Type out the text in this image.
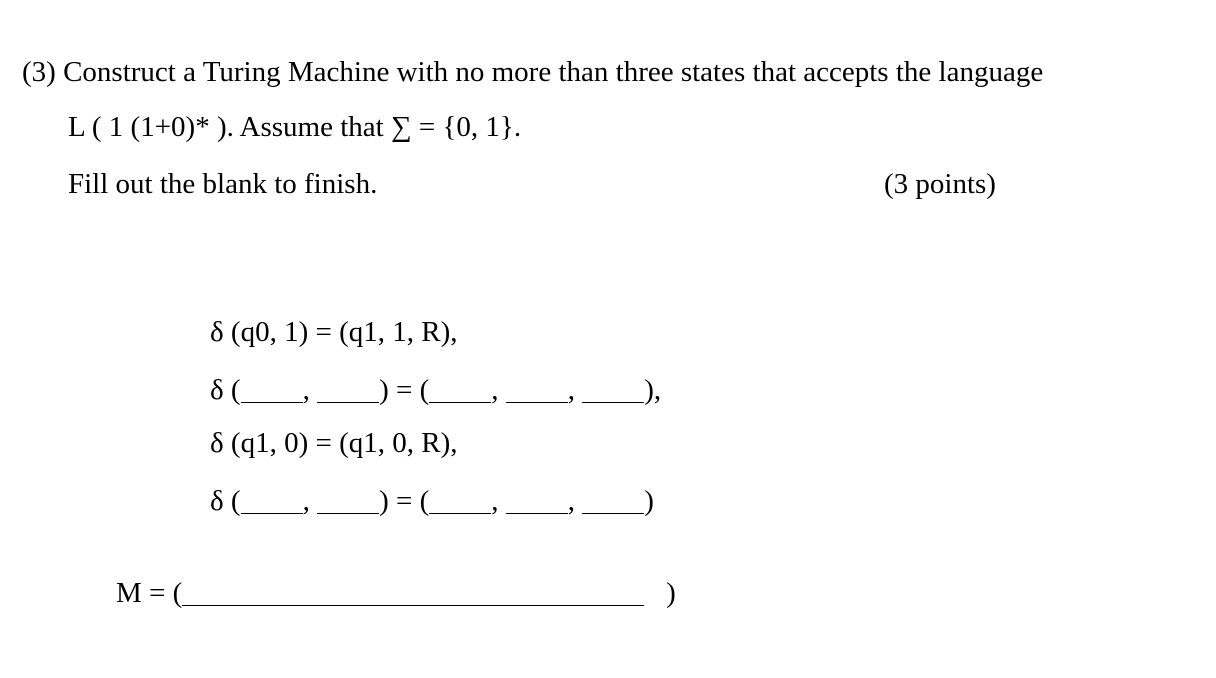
(3) Construct a Turing Machine with no more than three states that accepts the language
L ( 1 (1+0)* ). Assume that ∑ = {0, 1}.
Fill out the blank to finish.	(3 points)
δ (q0, 1) = (q1, 1, R),
δ ( , ) = ( , , ),
δ (q1, 0) = (q1, 0, R),
δ ( , ) = ( , , )
M = (	)
